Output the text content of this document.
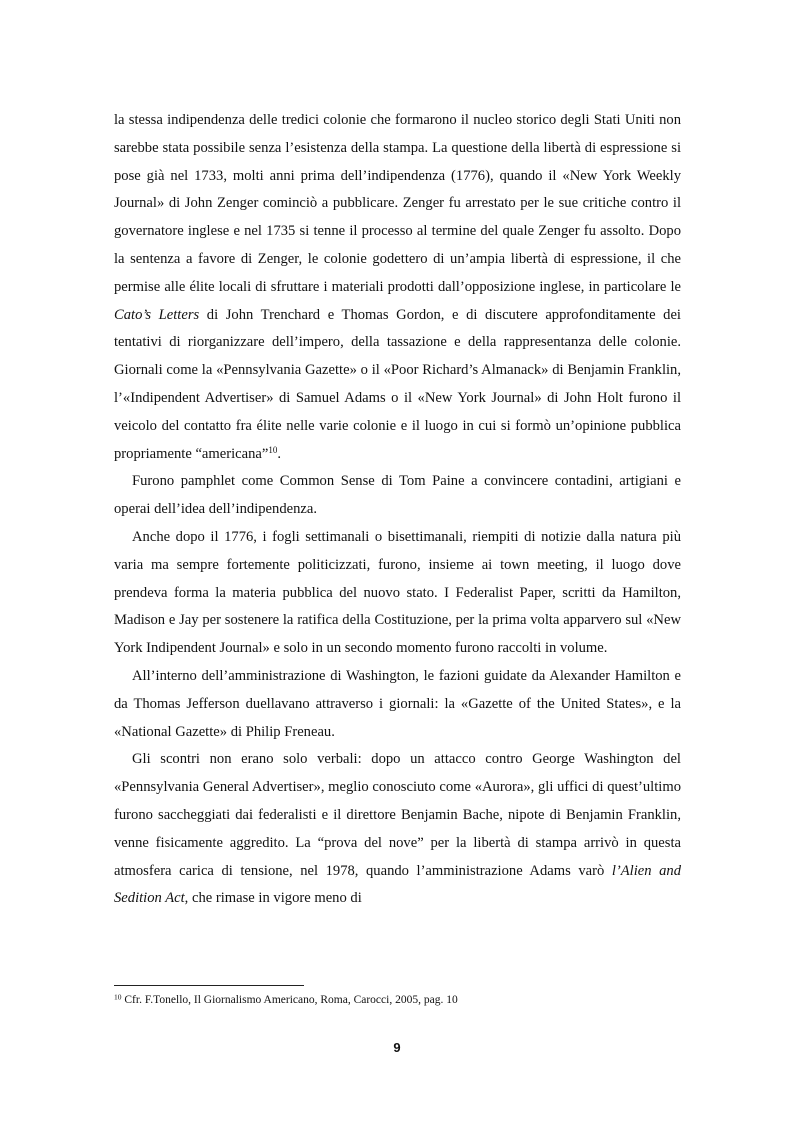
la stessa indipendenza delle tredici colonie che formarono il nucleo storico degli Stati Uniti non sarebbe stata possibile senza l’esistenza della stampa. La questione della libertà di espressione si pose già nel 1733, molti anni prima dell’indipendenza (1776), quando il «New York Weekly Journal» di John Zenger cominciò a pubblicare. Zenger fu arrestato per le sue critiche contro il governatore inglese e nel 1735 si tenne il processo al termine del quale Zenger fu assolto. Dopo la sentenza a favore di Zenger, le colonie godettero di un’ampia libertà di espressione, il che permise alle élite locali di sfruttare i materiali prodotti dall’opposizione inglese, in particolare le Cato’s Letters di John Trenchard e Thomas Gordon, e di discutere approfonditamente dei tentativi di riorganizzare dell’impero, della tassazione e della rappresentanza delle colonie. Giornali come la «Pennsylvania Gazette» o il «Poor Richard’s Almanack» di Benjamin Franklin, l’«Indipendent Advertiser» di Samuel Adams o il «New York Journal» di John Holt furono il veicolo del contatto fra élite nelle varie colonie e il luogo in cui si formò un’opinione pubblica propriamente “americana”$^{10}$.

Furono pamphlet come Common Sense di Tom Paine a convincere contadini, artigiani e operai dell’idea dell’indipendenza.

Anche dopo il 1776, i fogli settimanali o bisettimanali, riempiti di notizie dalla natura più varia ma sempre fortemente politicizzati, furono, insieme ai town meeting, il luogo dove prendeva forma la materia pubblica del nuovo stato. I Federalist Paper, scritti da Hamilton, Madison e Jay per sostenere la ratifica della Costituzione, per la prima volta apparvero sul «New York Indipendent Journal» e solo in un secondo momento furono raccolti in volume.

All’interno dell’amministrazione di Washington, le fazioni guidate da Alexander Hamilton e da Thomas Jefferson duellavano attraverso i giornali: la «Gazette of the United States», e la «National Gazette» di Philip Freneau.

Gli scontri non erano solo verbali: dopo un attacco contro George Washington del «Pennsylvania General Advertiser», meglio conosciuto come «Aurora», gli uffici di quest’ultimo furono saccheggiati dai federalisti e il direttore Benjamin Bache, nipote di Benjamin Franklin, venne fisicamente aggredito. La “prova del nove” per la libertà di stampa arrivò in questa atmosfera carica di tensione, nel 1978, quando l’amministrazione Adams varò l’Alien and Sedition Act, che rimase in vigore meno di

$^{10}$ Cfr. F.Tonello, Il Giornalismo Americano, Roma, Carocci, 2005, pag. 10
9
